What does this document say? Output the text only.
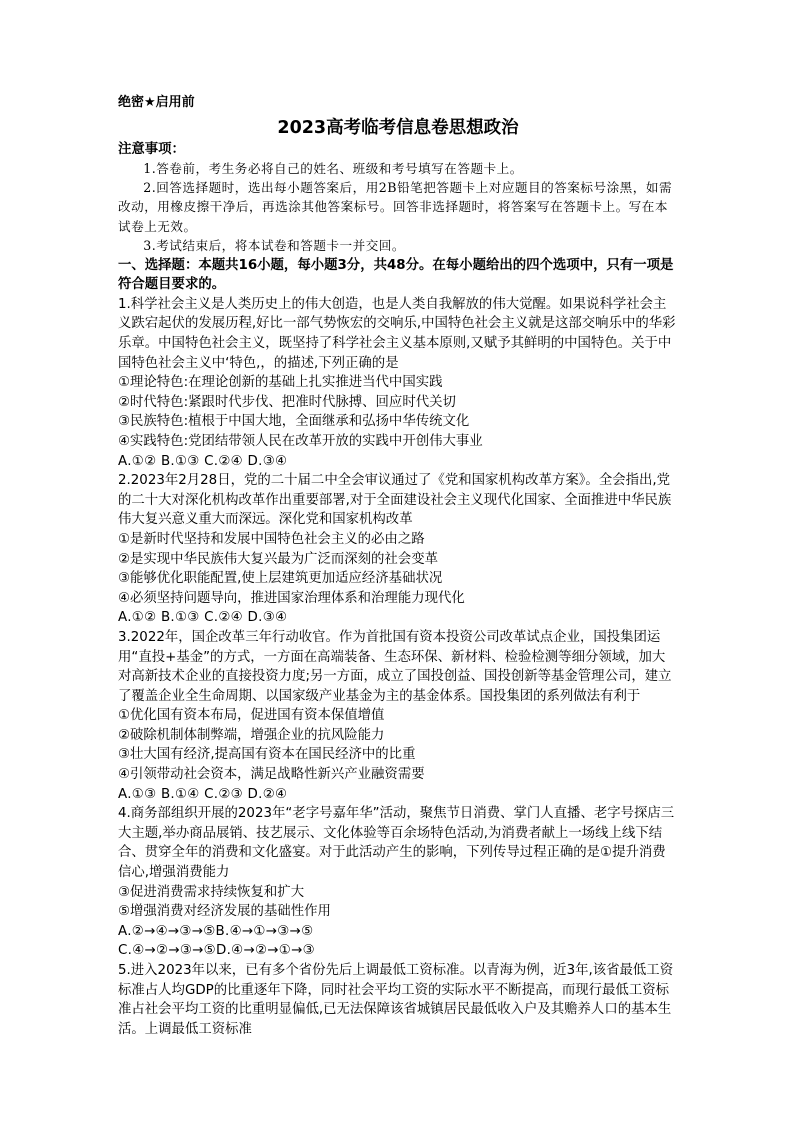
绝密★启用前
2023高考临考信息卷思想政治
注意事项：

1.答卷前，考生务必将自己的姓名、班级和考号填写在答题卡上。

2.回答选择题时，选出每小题答案后，用2B铅笔把答题卡上对应题目的答案标号涂黑，如需改动，用橡皮擦干净后，再选涂其他答案标号。回答非选择题时，将答案写在答题卡上。写在本试卷上无效。

3.考试结束后，将本试卷和答题卡一并交回。

一、选择题：本题共16小题，每小题3分，共48分。在每小题给出的四个选项中，只有一项是符合题目要求的。

1.科学社会主义是人类历史上的伟大创造，也是人类自我解放的伟大觉醒。如果说科学社会主义跌宕起伏的发展历程,好比一部气势恢宏的交响乐,中国特色社会主义就是这部交响乐中的华彩乐章。中国特色社会主义，既坚持了科学社会主义基本原则,又赋予其鲜明的中国特色。关于中国特色社会主义中‘特色,，的描述,下列正确的是

①理论特色:在理论创新的基础上扎实推进当代中国实践

②时代特色:紧跟时代步伐、把准时代脉搏、回应时代关切

③民族特色:植根于中国大地，全面继承和弘扬中华传统文化

④实践特色:党团结带领人民在改革开放的实践中开创伟大事业

A.①② B.①③ C.②④ D.③④

2.2023年2月28日，党的二十届二中全会审议通过了《党和国家机构改革方案》。全会指出,党的二十大对深化机构改革作出重要部署,对于全面建设社会主义现代化国家、全面推进中华民族伟大复兴意义重大而深远。深化党和国家机构改革

①是新时代坚持和发展中国特色社会主义的必由之路

②是实现中华民族伟大复兴最为广泛而深刻的社会变革

③能够优化职能配置,使上层建筑更加适应经济基础状况

④必须坚持问题导向，推进国家治理体系和治理能力现代化

A.①② B.①③ C.②④ D.③④

3.2022年，国企改革三年行动收官。作为首批国有资本投资公司改革试点企业，国投集团运用“直投+基金”的方式，一方面在高端装备、生态环保、新材料、检验检测等细分领域，加大对高新技术企业的直接投资力度;另一方面，成立了国投创益、国投创新等基金管理公司，建立了覆盖企业全生命周期、以国家级产业基金为主的基金体系。国投集团的系列做法有利于

①优化国有资本布局，促进国有资本保值增值

②破除机制体制弊端，增强企业的抗风险能力

③壮大国有经济,提高国有资本在国民经济中的比重

④引领带动社会资本，满足战略性新兴产业融资需要

A.①③ B.①④ C.②③ D.②④

4.商务部组织开展的2023年“老字号嘉年华”活动，聚焦节日消费、掌门人直播、老字号探店三大主题,举办商品展销、技艺展示、文化体验等百余场特色活动,为消费者献上一场线上线下结合、贯穿全年的消费和文化盛宴。对于此活动产生的影响，下列传导过程正确的是①提升消费信心,增强消费能力

③促进消费需求持续恢复和扩大

⑤增强消费对经济发展的基础性作用

A.②→④→③→⑤B.④→①→③→⑤

C.④→②→③→⑤D.④→②→①→③

5.进入2023年以来，已有多个省份先后上调最低工资标准。以青海为例，近3年,该省最低工资标准占人均GDP的比重逐年下降，同时社会平均工资的实际水平不断提高，而现行最低工资标准占社会平均工资的比重明显偏低,已无法保障该省城镇居民最低收入户及其赡养人口的基本生活。上调最低工资标准
